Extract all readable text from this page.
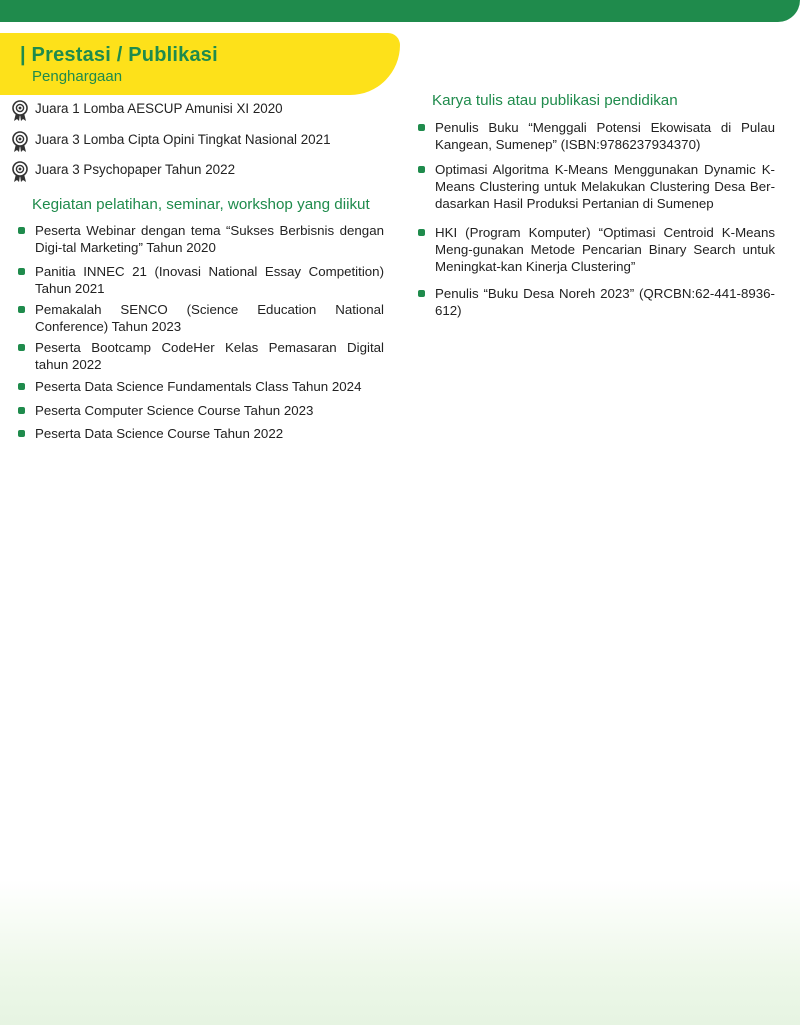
| Prestasi / Publikasi
Penghargaan
Juara 1 Lomba AESCUP Amunisi XI 2020
Juara 3 Lomba Cipta Opini Tingkat Nasional 2021
Juara 3 Psychopaper Tahun 2022
Kegiatan pelatihan, seminar, workshop yang diikut
Peserta Webinar dengan tema “Sukses Berbisnis dengan Digi-tal Marketing” Tahun 2020
Panitia INNEC 21 (Inovasi National Essay Competition) Tahun 2021
Pemakalah SENCO (Science Education National Conference) Tahun 2023
Peserta Bootcamp CodeHer Kelas Pemasaran Digital tahun 2022
Peserta Data Science Fundamentals Class Tahun 2024
Peserta Computer Science Course Tahun 2023
Peserta Data Science Course Tahun 2022
Karya tulis atau publikasi pendidikan
Penulis Buku “Menggali Potensi Ekowisata di Pulau Kangean, Sumenep” (ISBN:9786237934370)
Optimasi Algoritma K-Means Menggunakan Dynamic K-Means Clustering untuk Melakukan Clustering Desa Ber-dasarkan Hasil Produksi Pertanian di Sumenep
HKI (Program Komputer) “Optimasi Centroid K-Means Meng-gunakan Metode Pencarian Binary Search untuk Meningkat-kan Kinerja Clustering”
Penulis “Buku Desa Noreh 2023” (QRCBN:62-441-8936-612)
